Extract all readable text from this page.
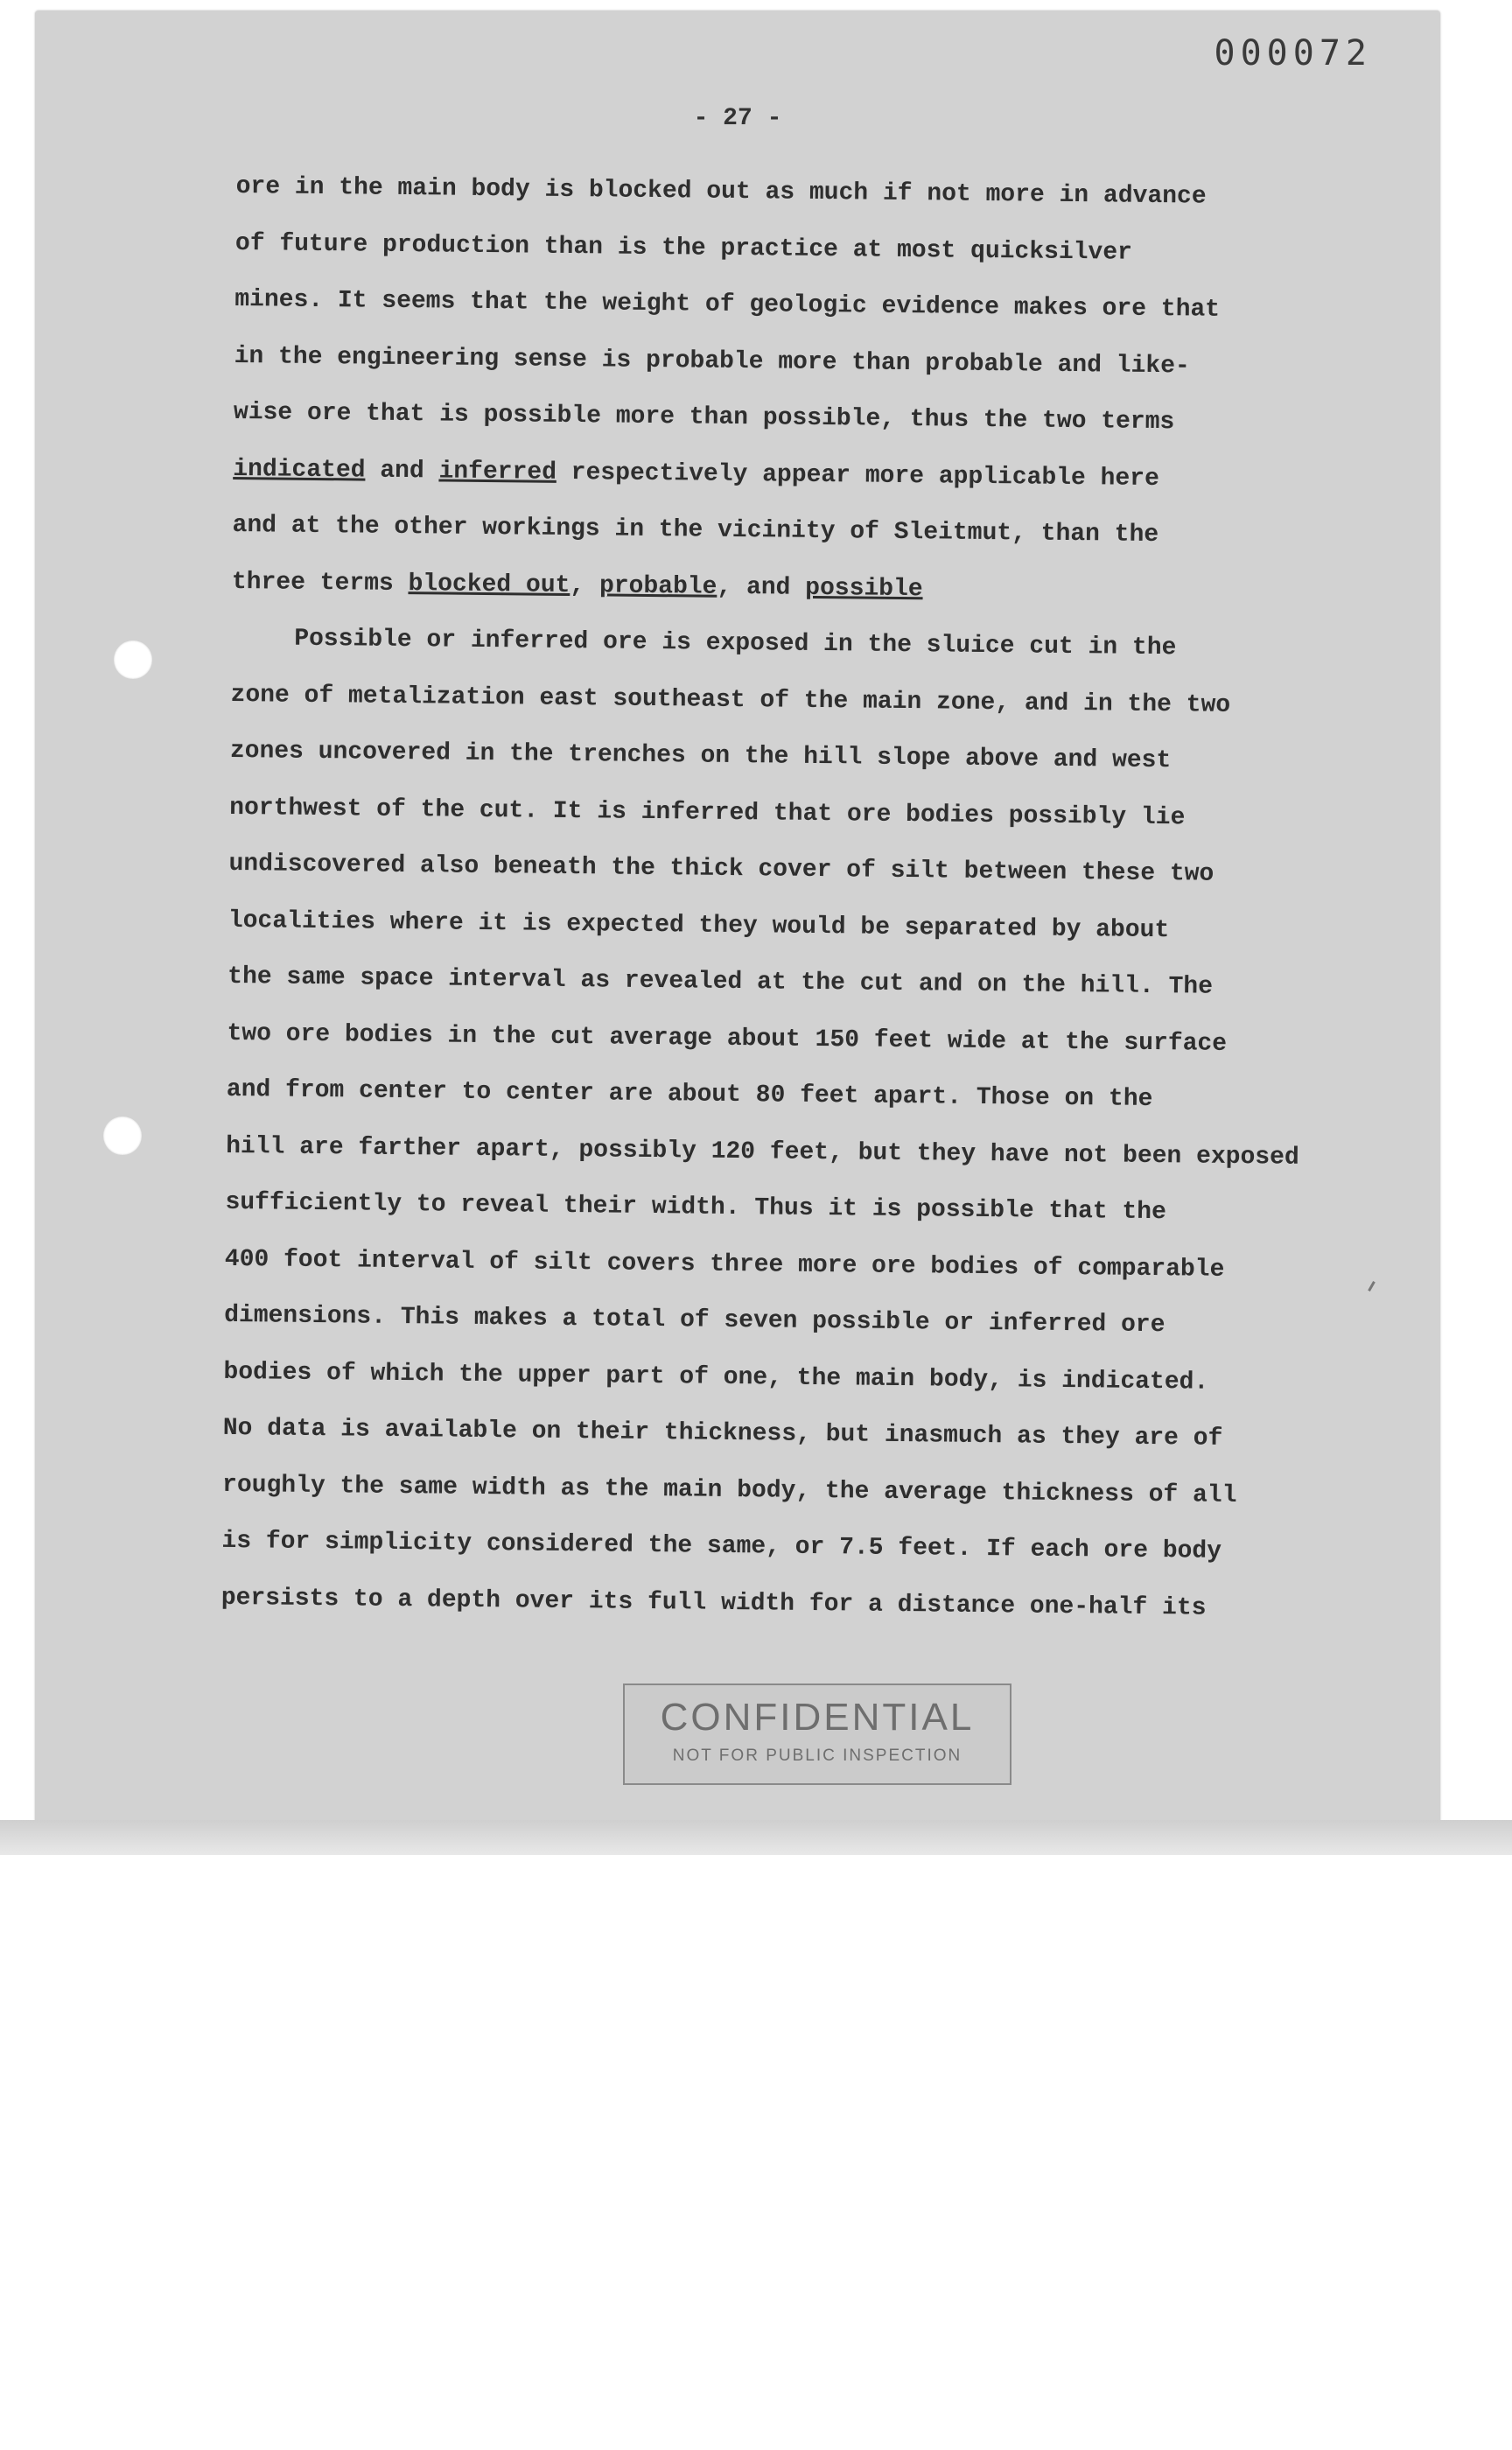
000072
- 27 -
ore in the main body is blocked out as much if not more in advance
of future production than is the practice at most quicksilver
mines. It seems that the weight of geologic evidence makes ore that
in the engineering sense is probable more than probable and like-
wise ore that is possible more than possible, thus the two terms
indicated and inferred respectively appear more applicable here
and at the other workings in the vicinity of Sleitmut, than the
three terms blocked out, probable, and possible
Possible or inferred ore is exposed in the sluice cut in the
zone of metalization east southeast of the main zone, and in the two
zones uncovered in the trenches on the hill slope above and west
northwest of the cut. It is inferred that ore bodies possibly lie
undiscovered also beneath the thick cover of silt between these two
localities where it is expected they would be separated by about
the same space interval as revealed at the cut and on the hill. The
two ore bodies in the cut average about 150 feet wide at the surface
and from center to center are about 80 feet apart. Those on the
hill are farther apart, possibly 120 feet, but they have not been exposed
sufficiently to reveal their width. Thus it is possible that the
400 foot interval of silt covers three more ore bodies of comparable
dimensions. This makes a total of seven possible or inferred ore
bodies of which the upper part of one, the main body, is indicated.
No data is available on their thickness, but inasmuch as they are of
roughly the same width as the main body, the average thickness of all
is for simplicity considered the same, or 7.5 feet. If each ore body
persists to a depth over its full width for a distance one-half its
CONFIDENTIAL
NOT FOR PUBLIC INSPECTION
